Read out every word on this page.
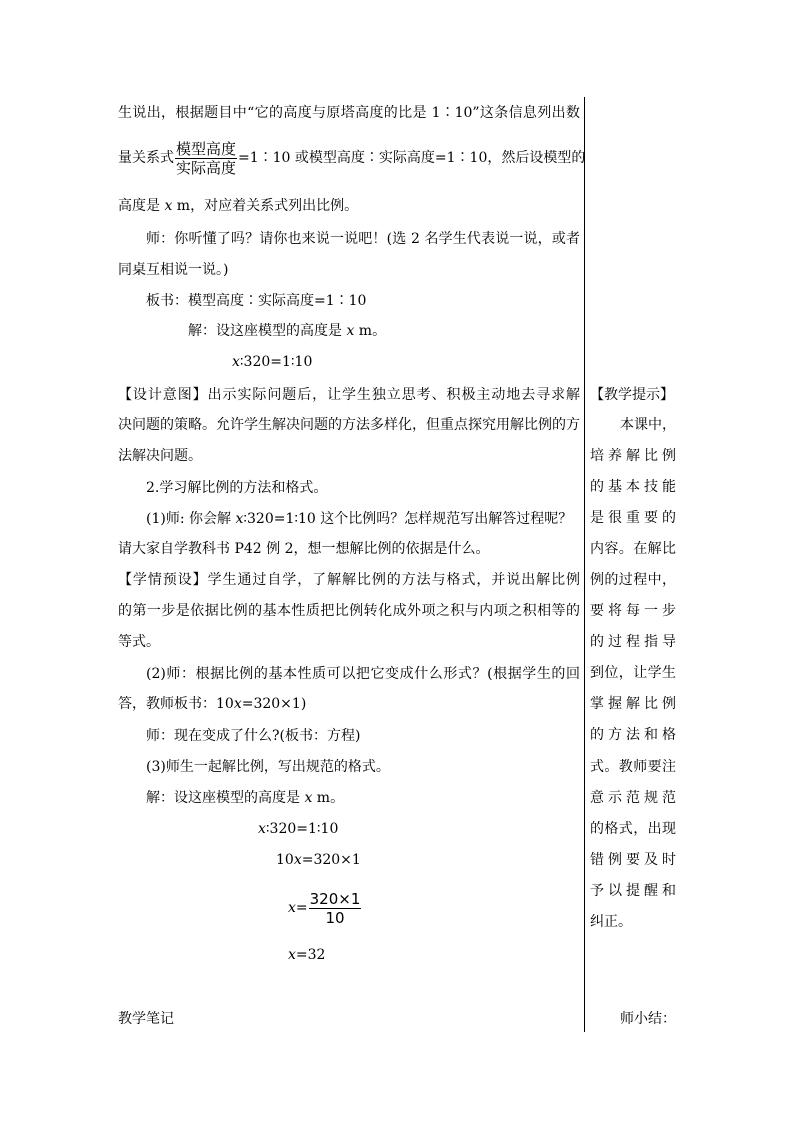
生说出，根据题目中“它的高度与原塔高度的比是 1∶10”这条信息列出数
量关系式 $\frac{\text{模型高度}}{\text{实际高度}}$ =1∶10 或模型高度∶实际高度=1∶10，然后设模型的
高度是 x m，对应着关系式列出比例。
师：你听懂了吗？请你也来说一说吧！(选 2 名学生代表说一说，或者
同桌互相说一说。)
板书：模型高度∶实际高度=1∶10
解：设这座模型的高度是 x m。
x∶320=1∶10
【设计意图】出示实际问题后，让学生独立思考、积极主动地去寻求解
决问题的策略。允许学生解决问题的方法多样化，但重点探究用解比例的方
法解决问题。
2.学习解比例的方法和格式。
(1)师: 你会解 x∶320=1∶10 这个比例吗？怎样规范写出解答过程呢？
请大家自学教科书 P42 例 2，想一想解比例的依据是什么。
【学情预设】学生通过自学，了解解比例的方法与格式，并说出解比例
的第一步是依据比例的基本性质把比例转化成外项之积与内项之积相等的
等式。
(2)师：根据比例的基本性质可以把它变成什么形式？(根据学生的回
答，教师板书：10x=320×1)
师：现在变成了什么?(板书：方程)
(3)师生一起解比例，写出规范的格式。
解：设这座模型的高度是 x m。
x∶320=1∶10
10x=320×1
$x= \frac{320\times 1}{10}$
x=32
教学笔记
【教学提示】
本课中，
培养解比例
的基本技能
是很重要的
内容。在解比
例的过程中，
要将每一步
的过程指导
到位，让学生
掌握解比例
的方法和格
式。教师要注
意示范规范
的格式，出现
错例要及时
予以提醒和
纠正。
师小结：
